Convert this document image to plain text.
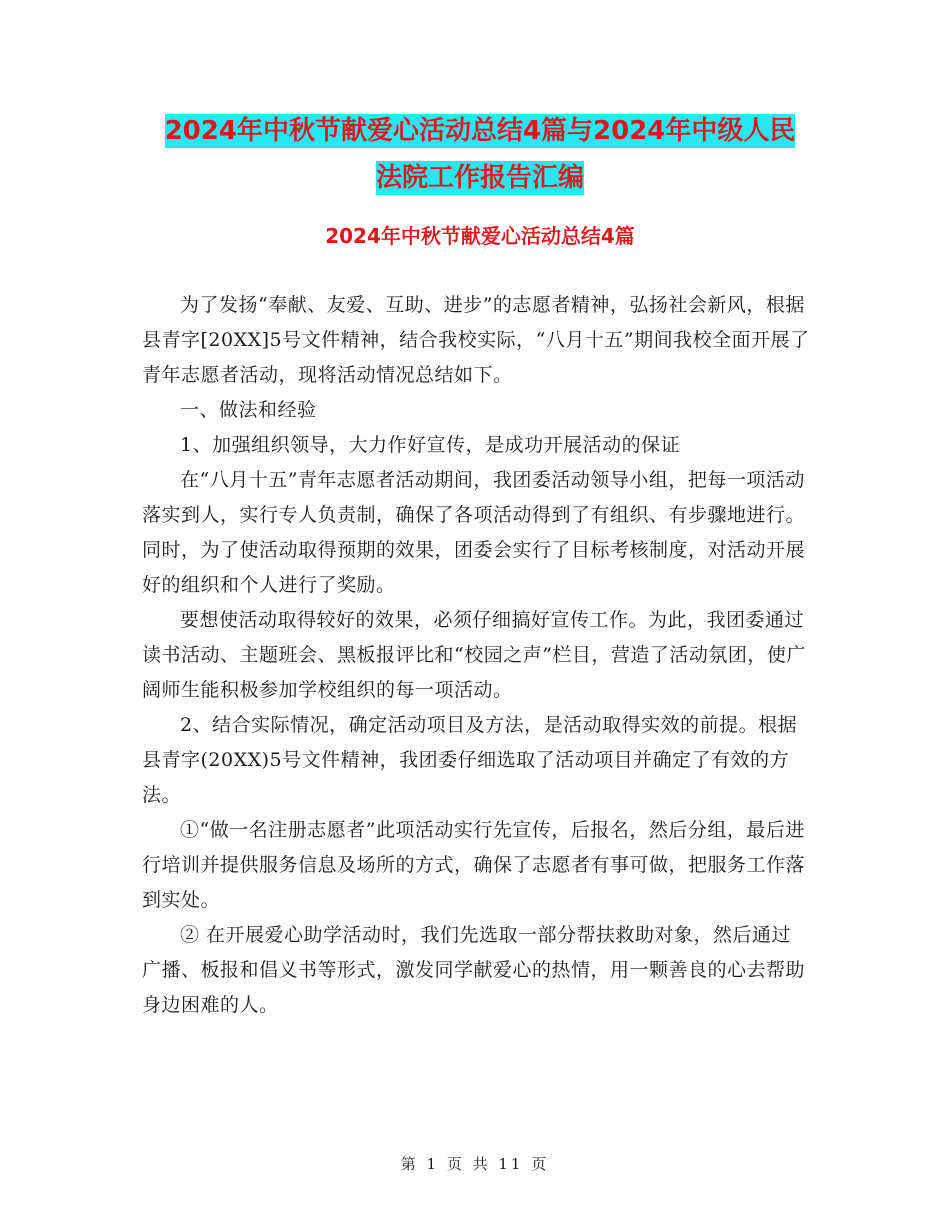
2024年中秋节献爱心活动总结4篇与2024年中级人民
法院工作报告汇编
2024年中秋节献爱心活动总结4篇

为了发扬“奉献、友爱、互助、进步”的志愿者精神，弘扬社会新风，根据县青字[20XX]5号文件精神，结合我校实际，“八月十五”期间我校全面开展了青年志愿者活动，现将活动情况总结如下。

一、做法和经验

1、加强组织领导，大力作好宣传，是成功开展活动的保证

在“八月十五”青年志愿者活动期间，我团委活动领导小组，把每一项活动落实到人，实行专人负责制，确保了各项活动得到了有组织、有步骤地进行。同时，为了使活动取得预期的效果，团委会实行了目标考核制度，对活动开展好的组织和个人进行了奖励。

要想使活动取得较好的效果，必须仔细搞好宣传工作。为此，我团委通过读书活动、主题班会、黑板报评比和“校园之声”栏目，营造了活动氛团，使广阔师生能积极参加学校组织的每一项活动。

2、结合实际情况，确定活动项目及方法，是活动取得实效的前提。根据县青字(20XX)5号文件精神，我团委仔细选取了活动项目并确定了有效的方法。

①“做一名注册志愿者”此项活动实行先宣传，后报名，然后分组，最后进行培训并提供服务信息及场所的方式，确保了志愿者有事可做，把服务工作落到实处。

② 在开展爱心助学活动时，我们先选取一部分帮扶救助对象，然后通过广播、板报和倡义书等形式，激发同学献爱心的热情，用一颗善良的心去帮助身边困难的人。

第 1 页 共 11 页
